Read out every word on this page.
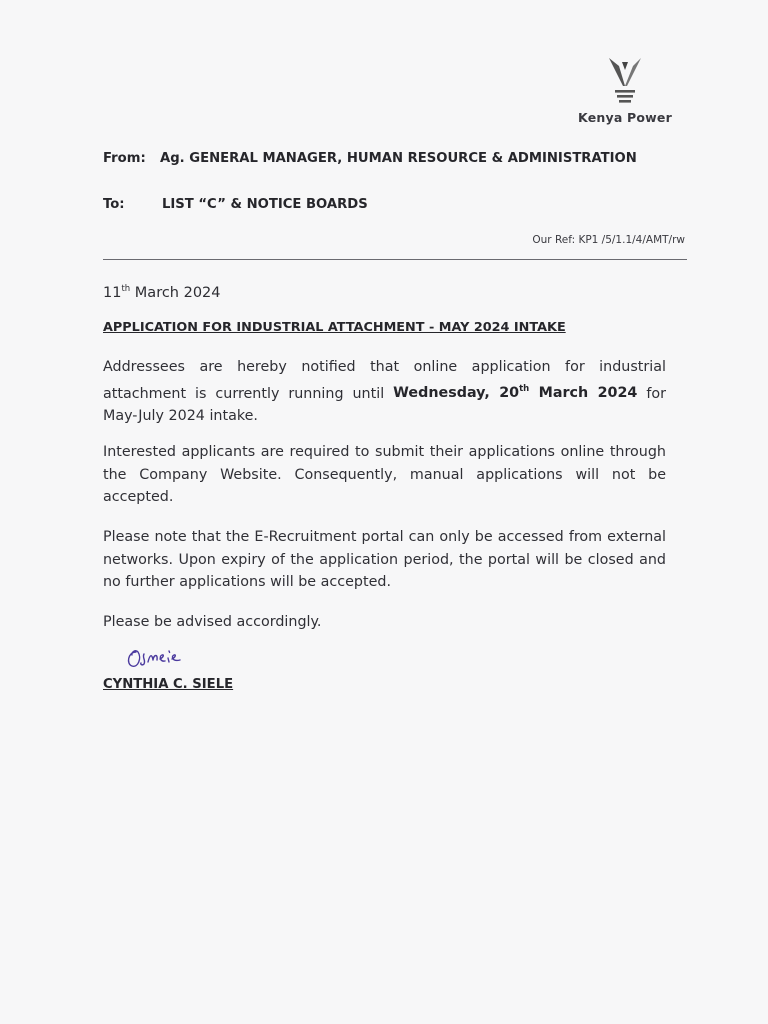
Kenya Power
From: Ag. GENERAL MANAGER, HUMAN RESOURCE & ADMINISTRATION
To:	LIST “C” & NOTICE BOARDS
Our Ref: KP1 /5/1.1/4/AMT/rw
11th March 2024
APPLICATION FOR INDUSTRIAL ATTACHMENT - MAY 2024 INTAKE
Addressees are hereby notified that online application for industrial attachment is currently running until Wednesday, 20th March 2024 for May-July 2024 intake.
Interested applicants are required to submit their applications online through the Company Website. Consequently, manual applications will not be accepted.
Please note that the E-Recruitment portal can only be accessed from external networks. Upon expiry of the application period, the portal will be closed and no further applications will be accepted.
Please be advised accordingly.
CYNTHIA C. SIELE
